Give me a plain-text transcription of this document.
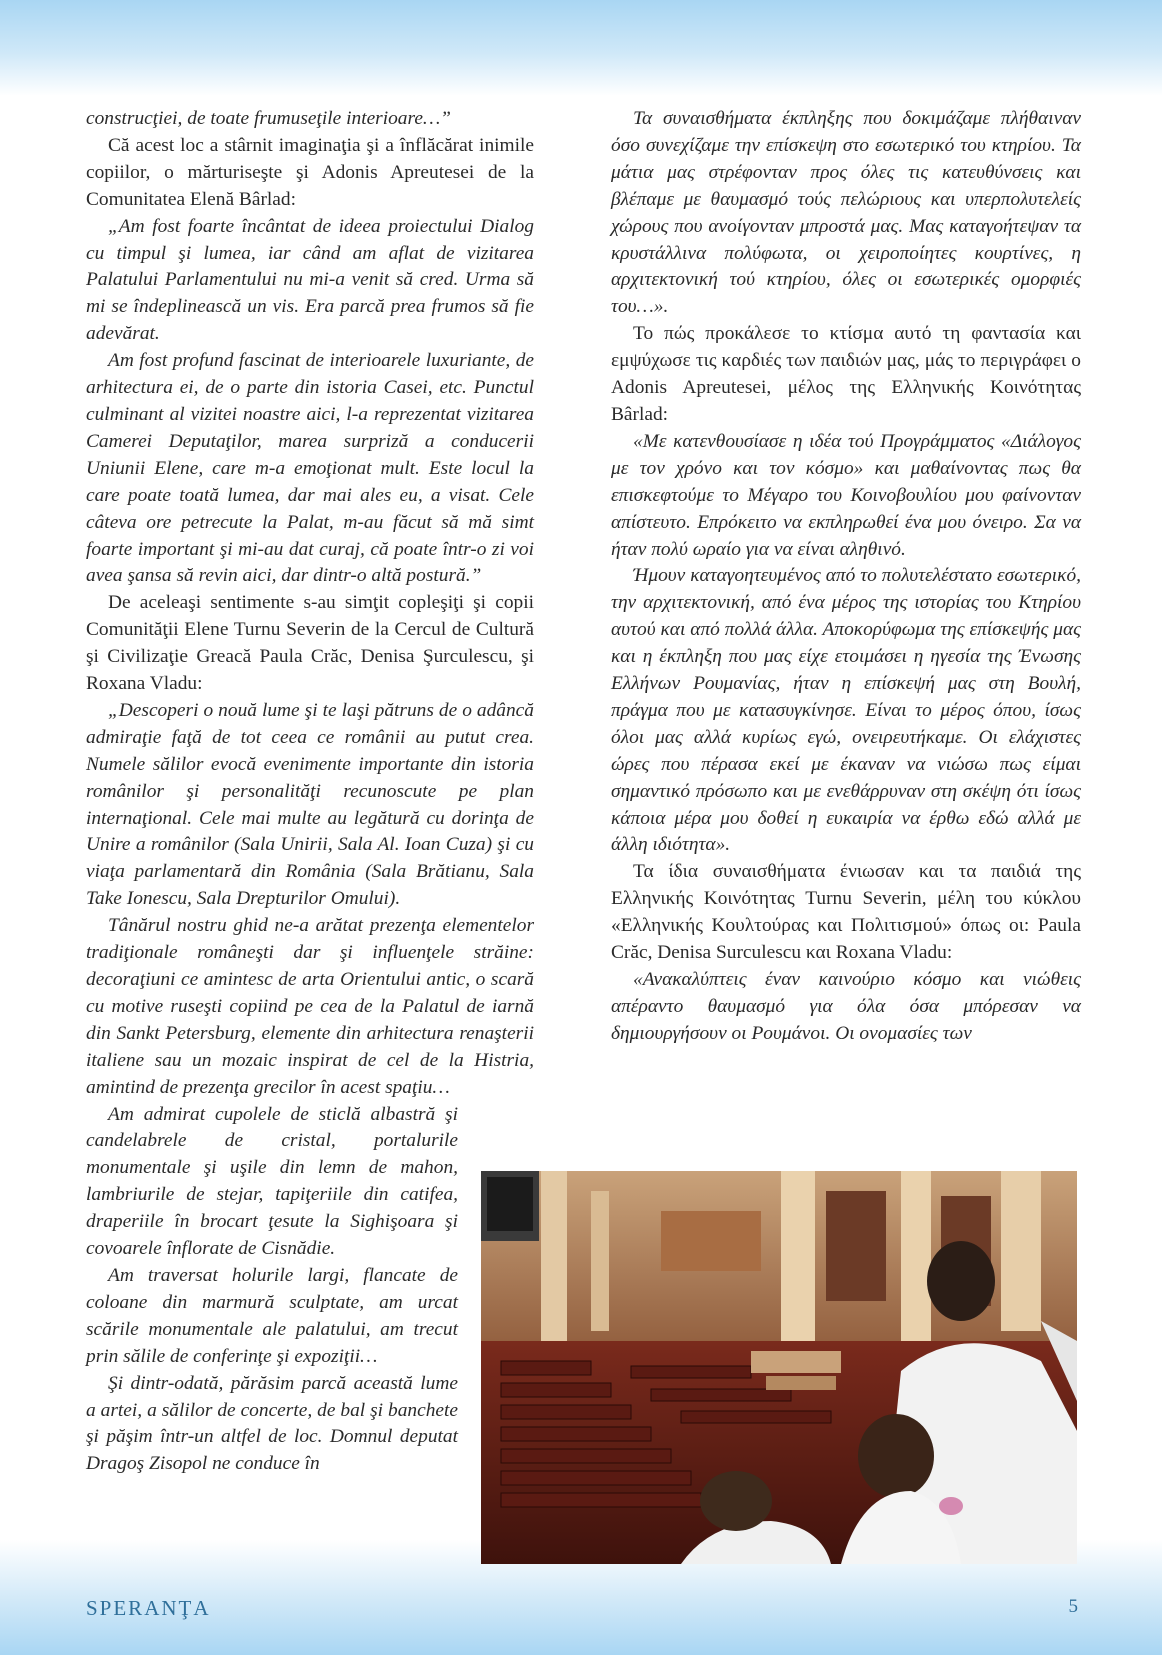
construcţiei, de toate frumuseţile interioare…”

Că acest loc a stârnit imaginaţia şi a înflăcărat inimile copiilor, o mărturiseşte şi Adonis Apreutesei de la Comunitatea Elenă Bârlad:

„Am fost foarte încântat de ideea proiectului Dialog cu timpul şi lumea, iar când am aflat de vizitarea Palatului Parlamentului nu mi-a venit să cred. Urma să mi se îndeplinească un vis. Era parcă prea frumos să fie adevărat.

Am fost profund fascinat de interioarele luxuriante, de arhitectura ei, de o parte din istoria Casei, etc. Punctul culminant al vizitei noastre aici, l-a reprezentat vizitarea Camerei Deputaţilor, marea surpriză a conducerii Uniunii Elene, care m-a emoţionat mult. Este locul la care poate toată lumea, dar mai ales eu, a visat. Cele câteva ore petrecute la Palat, m-au făcut să mă simt foarte important şi mi-au dat curaj, că poate într-o zi voi avea şansa să revin aici, dar dintr-o altă postură.”

De aceleaşi sentimente s-au simţit copleşiţi şi copii Comunităţii Elene Turnu Severin de la Cercul de Cultură şi Civilizaţie Greacă Paula Crăc, Denisa Şurculescu, şi Roxana Vladu:

„Descoperi o nouă lume şi te laşi pătruns de o adâncă admiraţie faţă de tot ceea ce românii au putut crea. Numele sălilor evocă evenimente importante din istoria românilor şi personalităţi recunoscute pe plan internaţional. Cele mai multe au legătură cu dorinţa de Unire a românilor (Sala Unirii, Sala Al. Ioan Cuza) şi cu viaţa parlamentară din România (Sala Brătianu, Sala Take Ionescu, Sala Drepturilor Omului).

Tânărul nostru ghid ne-a arătat prezenţa elementelor tradiţionale româneşti dar şi influenţele străine: decoraţiuni ce amintesc de arta Orientului antic, o scară cu motive ruseşti copiind pe cea de la Palatul de iarnă din Sankt Petersburg, elemente din arhitectura renaşterii italiene sau un mozaic inspirat de cel de la Histria, amintind de prezenţa grecilor în acest spaţiu…

Am admirat cupolele de sticlă albastră şi candelabrele de cristal, portalurile monumentale şi uşile din lemn de mahon, lambriurile de stejar, tapiţeriile din catifea, draperiile în brocart ţesute la Sighişoara şi covoarele înflorate de Cisnădie.

Am traversat holurile largi, flancate de coloane din marmură sculptate, am urcat scările monumentale ale palatului, am trecut prin sălile de conferinţe şi expoziţii…

Şi dintr-odată, părăsim parcă această lume a artei, a sălilor de concerte, de bal şi banchete şi păşim într-un altfel de loc. Domnul deputat Dragoş Zisopol ne conduce în

Τα συναισθήματα έκπληξης που δοκιμάζαμε πλήθαιναν όσο συνεχίζαμε την επίσκεψη στο εσωτερικό του κτηρίου. Τα μάτια μας στρέφονταν προς όλες τις κατευθύνσεις και βλέπαμε με θαυμασμό τούς πελώριους και υπερπολυτελείς χώρους που ανοίγονταν μπροστά μας. Μας καταγοήτεψαν τα κρυστάλλινα πολύφωτα, οι χειροποίητες κουρτίνες, η αρχιτεκτονική τού κτηρίου, όλες οι εσωτερικές ομορφιές του…».

Το πώς προκάλεσε το κτίσμα αυτό τη φαντασία και εμψύχωσε τις καρδιές των παιδιών μας, μάς το περιγράφει ο Adonis Apreutesei, μέλος της Ελληνικής Κοινότητας Bârlad:

«Με κατενθουσίασε η ιδέα τού Προγράμματος «Διάλογος με τον χρόνο και τον κόσμο» και μαθαίνοντας πως θα επισκεφτούμε το Μέγαρο του Κοινοβουλίου μου φαίνονταν απίστευτο. Επρόκειτο να εκπληρωθεί ένα μου όνειρο. Σα να ήταν πολύ ωραίο για να είναι αληθινό.

Ήμουν καταγοητευμένος από το πολυτελέστατο εσωτερικό, την αρχιτεκτονική, από ένα μέρος της ιστορίας του Κτηρίου αυτού και από πολλά άλλα. Αποκορύφωμα της επίσκεψής μας και η έκπληξη που μας είχε ετοιμάσει η ηγεσία της Ένωσης Ελλήνων Ρουμανίας, ήταν η επίσκεψή μας στη Βουλή, πράγμα που με κατασυγκίνησε. Είναι το μέρος όπου, ίσως όλοι μας αλλά κυρίως εγώ, ονειρευτήκαμε. Οι ελάχιστες ώρες που πέρασα εκεί με έκαναν να νιώσω πως είμαι σημαντικό πρόσωπο και με ενεθάρρυναν στη σκέψη ότι ίσως κάποια μέρα μου δοθεί η ευκαιρία να έρθω εδώ αλλά με άλλη ιδιότητα».

Τα ίδια συναισθήματα ένιωσαν και τα παιδιά της Ελληνικής Κοινότητας Turnu Severin, μέλη του κύκλου «Ελληνικής Κουλτούρας και Πολιτισμού» όπως οι: Paula Crăc, Denisa Surculescu και Roxana Vladu:

«Ανακαλύπτεις έναν καινούριο κόσμο και νιώθεις απέραντο θαυμασμό για όλα όσα μπόρεσαν να δημιουργήσουν οι Ρουμάνοι. Οι ονομασίες των

SPERANŢA	5
